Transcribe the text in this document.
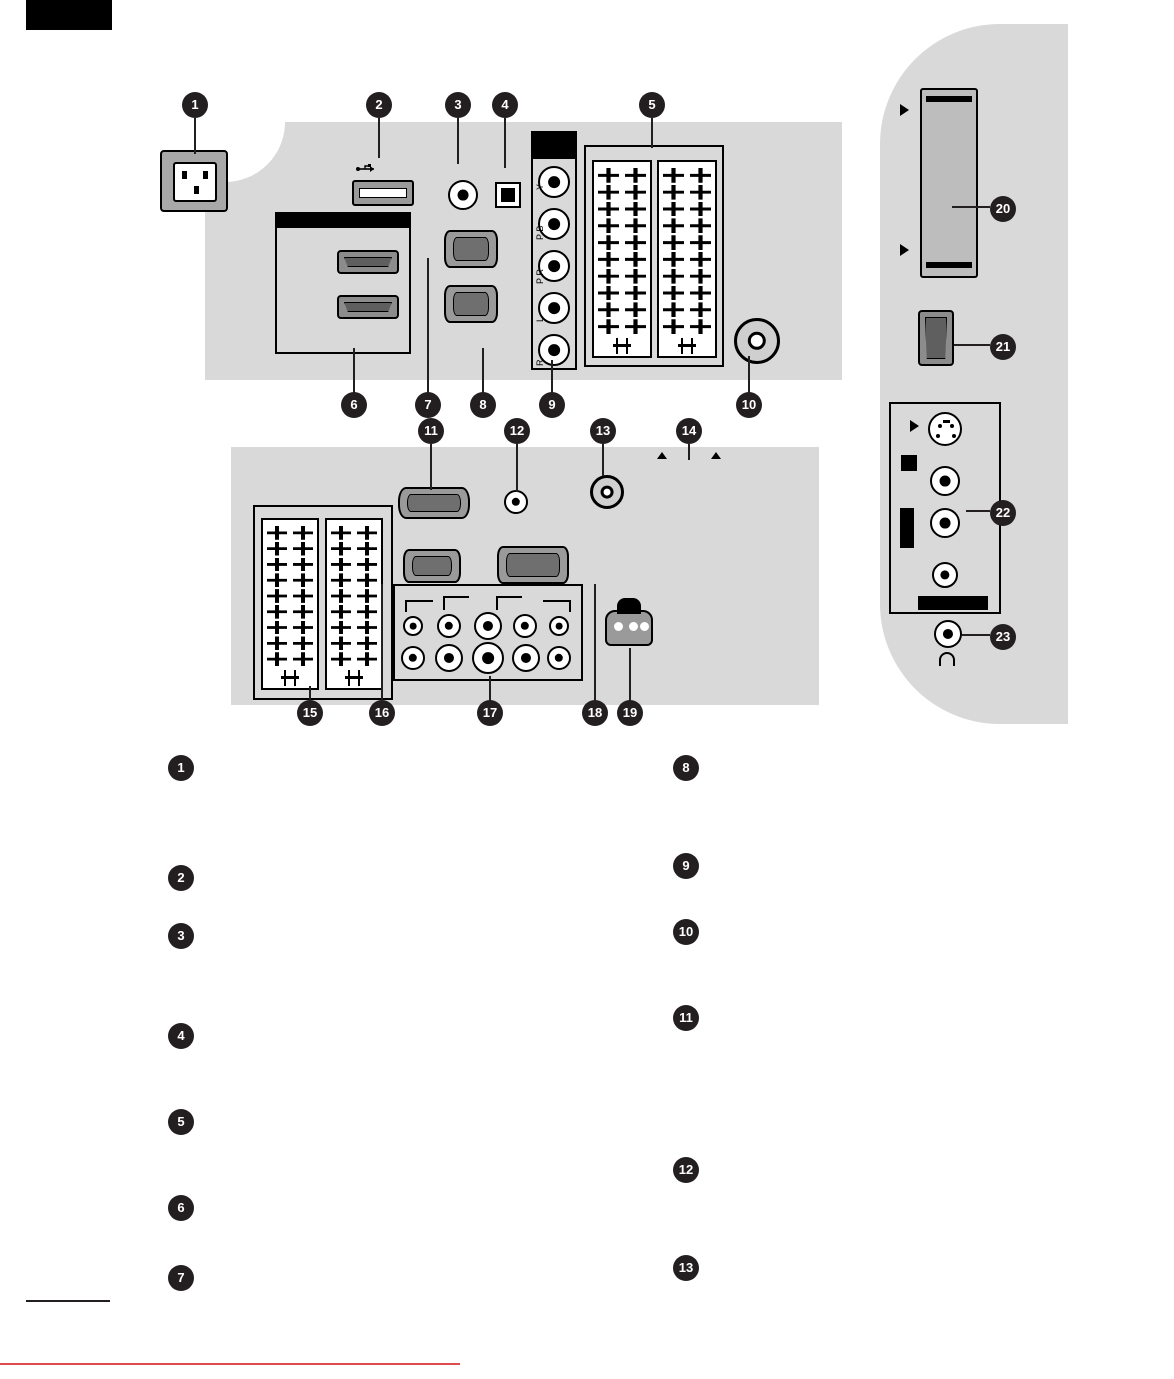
Y
P B
P R
L
R
1	2	3	4	5
6	7	8	9	10
11	12	13	14
15	16	17	18	19
20
21
22
23
1
2
3
4
5
6
7
8
9
10
11
12
13
